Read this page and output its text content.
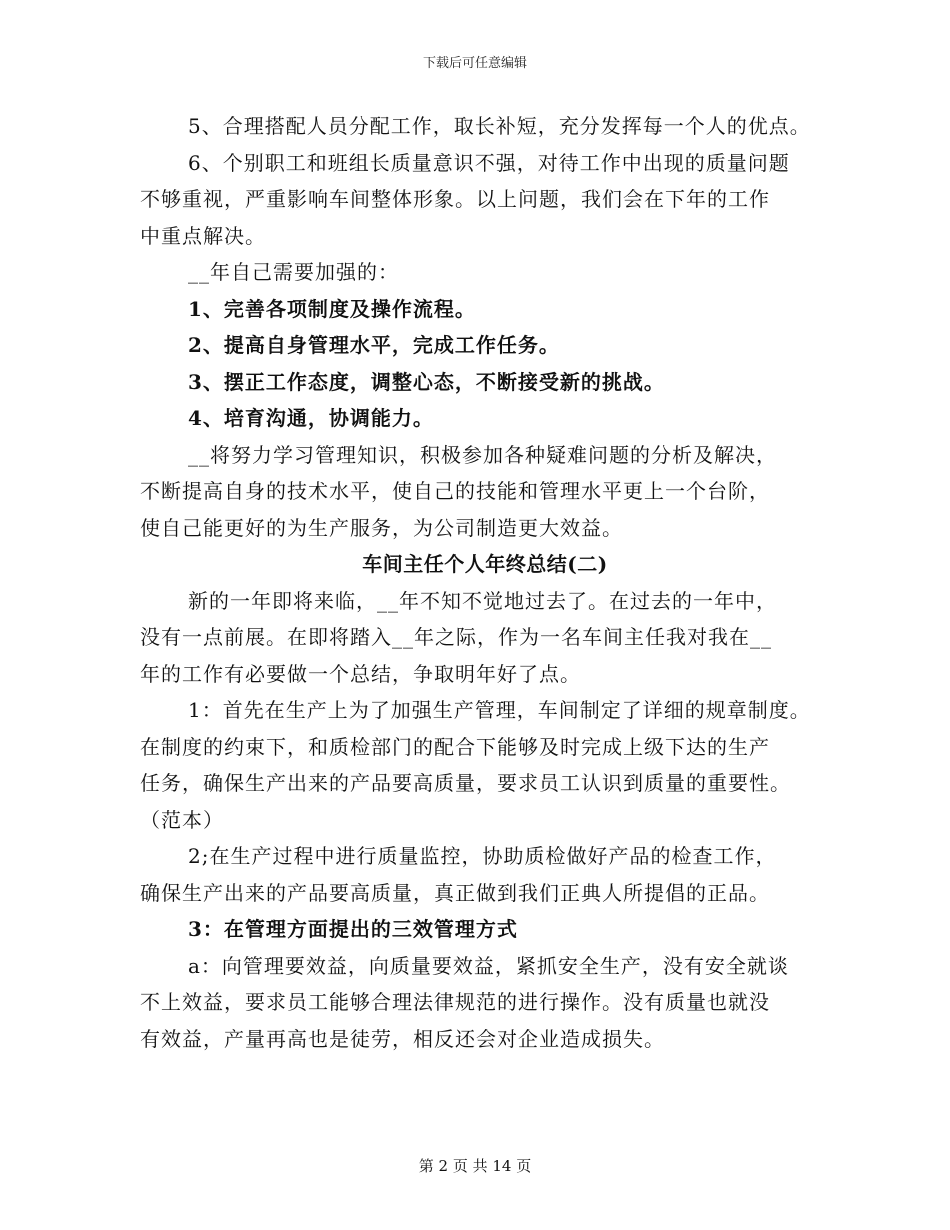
下载后可任意编辑
5、合理搭配人员分配工作，取长补短，充分发挥每一个人的优点。
6、个别职工和班组长质量意识不强，对待工作中出现的质量问题
不够重视，严重影响车间整体形象。以上问题，我们会在下年的工作
中重点解决。
__年自己需要加强的：
1、完善各项制度及操作流程。
2、提高自身管理水平，完成工作任务。
3、摆正工作态度，调整心态，不断接受新的挑战。
4、培育沟通，协调能力。
__将努力学习管理知识，积极参加各种疑难问题的分析及解决，
不断提高自身的技术水平，使自己的技能和管理水平更上一个台阶，
使自己能更好的为生产服务，为公司制造更大效益。
车间主任个人年终总结(二)
新的一年即将来临，__年不知不觉地过去了。在过去的一年中，
没有一点前展。在即将踏入__年之际，作为一名车间主任我对我在__
年的工作有必要做一个总结，争取明年好了点。
1：首先在生产上为了加强生产管理，车间制定了详细的规章制度。
在制度的约束下，和质检部门的配合下能够及时完成上级下达的生产
任务，确保生产出来的产品要高质量，要求员工认识到质量的重要性。
（范本）
2;在生产过程中进行质量监控，协助质检做好产品的检查工作，
确保生产出来的产品要高质量，真正做到我们正典人所提倡的正品。
3：在管理方面提出的三效管理方式
a：向管理要效益，向质量要效益，紧抓安全生产，没有安全就谈
不上效益，要求员工能够合理法律规范的进行操作。没有质量也就没
有效益，产量再高也是徒劳，相反还会对企业造成损失。
第 2 页 共 14 页
